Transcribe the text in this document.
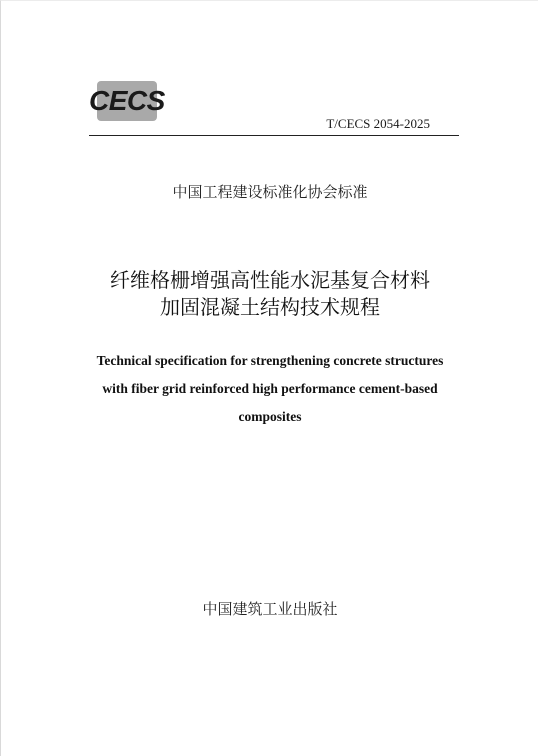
CECS
T/CECS 2054-2025
中国工程建设标准化协会标准
纤维格栅增强高性能水泥基复合材料
加固混凝土结构技术规程
Technical specification for strengthening concrete structures
with fiber grid reinforced high performance cement-based
composites
中国建筑工业出版社
